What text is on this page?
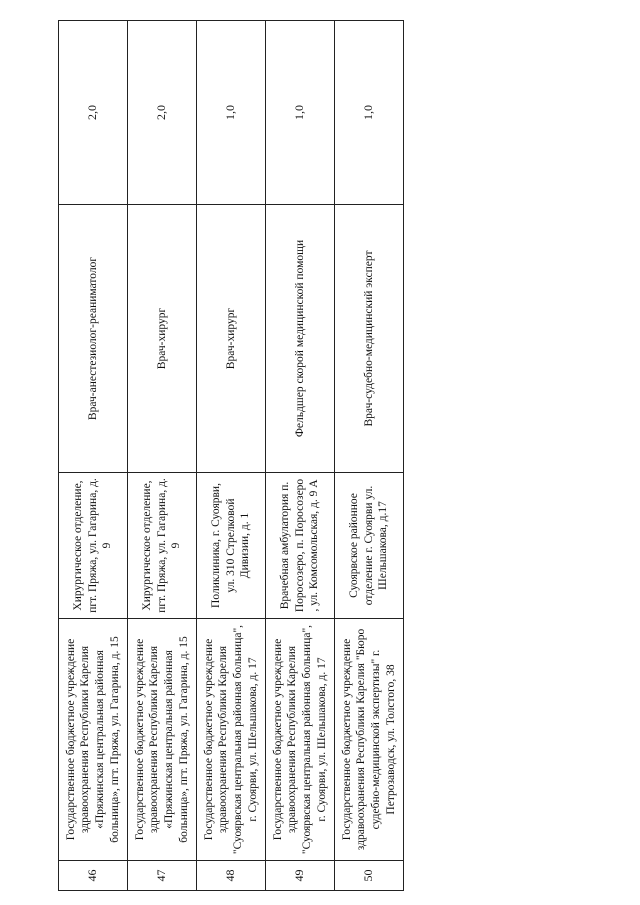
46	Государственное бюджетное учреждение здравоохранения Республики Карелия «Пряжинская центральная районная больница», пгт. Пряжа, ул. Гагарина, д. 15	Хирургическое отделение, пгт. Пряжа, ул. Гагарина, д. 9	Врач-анестезиолог-реаниматолог	2,0
47	Государственное бюджетное учреждение здравоохранения Республики Карелия «Пряжинская центральная районная больница», пгт. Пряжа, ул. Гагарина, д. 15	Хирургическое отделение, пгт. Пряжа, ул. Гагарина, д. 9	Врач-хирург	2,0
48	Государственное бюджетное учреждение здравоохранения Республики Карелия "Суоярвская центральная районная больница", г. Суоярви, ул. Шельшакова, д. 17	Поликлиника, г. Суоярви, ул. 310 Стрелковой Дивизии, д. 1	Врач-хирург	1,0
49	Государственное бюджетное учреждение здравоохранения Республики Карелия "Суоярвская центральная районная больница", г. Суоярви, ул. Шельшакова, д. 17	Врачебная амбулатория п. Поросозеро, п. Поросозеро , ул. Комсомольская, д. 9 А	Фельдшер скорой медицинской помощи	1,0
50	Государственное бюджетное учреждение здравоохранения Республики Карелия "Бюро судебно-медицинской экспертизы" г. Петрозаводск, ул. Толстого, 38	Суоярвское районное отделение г. Суоярви ул. Шельшакова, д.17	Врач-судебно-медицинский эксперт	1,0
